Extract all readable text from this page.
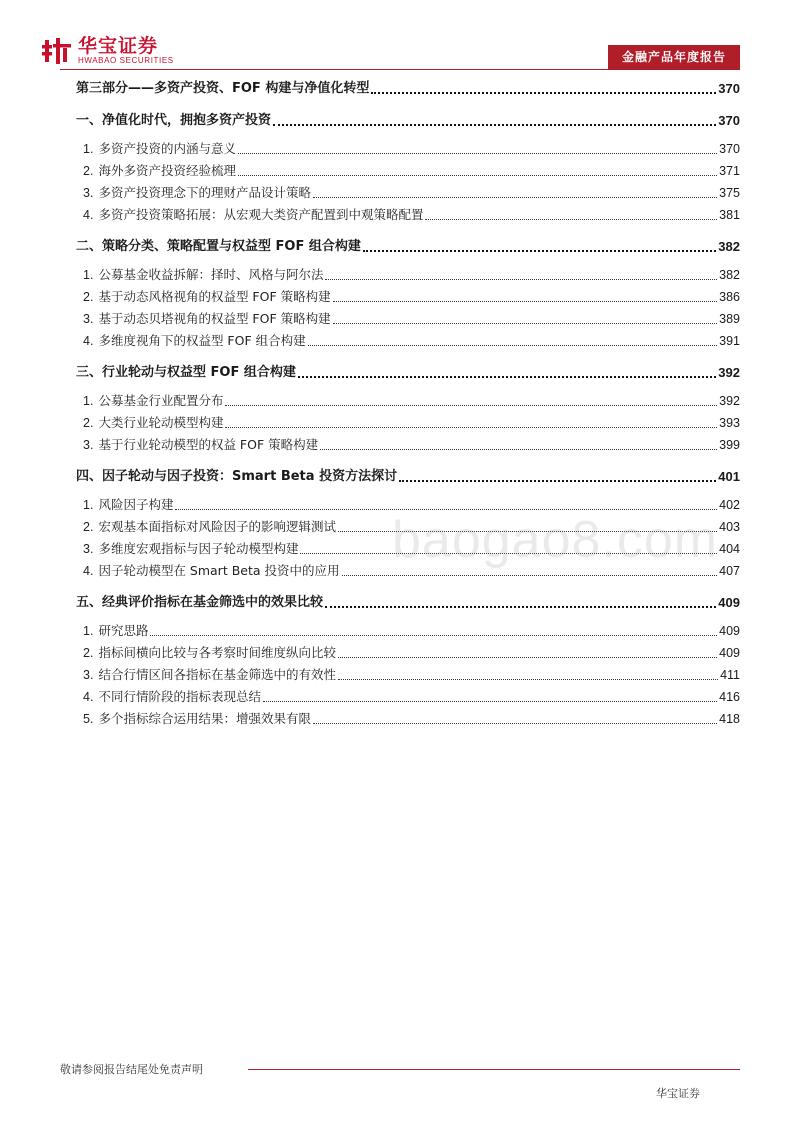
华宝证券
HWABAO SECURITIES	金融产品年度报告
第三部分——多资产投资、FOF 构建与净值化转型	370
一、净值化时代，拥抱多资产投资	370
1. 多资产投资的内涵与意义	370
2. 海外多资产投资经验梳理	371
3. 多资产投资理念下的理财产品设计策略	375
4. 多资产投资策略拓展：从宏观大类资产配置到中观策略配置	381
二、策略分类、策略配置与权益型 FOF 组合构建	382
1. 公募基金收益拆解：择时、风格与阿尔法	382
2. 基于动态风格视角的权益型 FOF 策略构建	386
3. 基于动态贝塔视角的权益型 FOF 策略构建	389
4. 多维度视角下的权益型 FOF 组合构建	391
三、行业轮动与权益型 FOF 组合构建	392
1. 公募基金行业配置分布	392
2. 大类行业轮动模型构建	393
3. 基于行业轮动模型的权益 FOF 策略构建	399
四、因子轮动与因子投资：Smart Beta 投资方法探讨	401
1. 风险因子构建	402
2. 宏观基本面指标对风险因子的影响逻辑测试	403
3. 多维度宏观指标与因子轮动模型构建	404
4. 因子轮动模型在 Smart Beta 投资中的应用	407
五、经典评价指标在基金筛选中的效果比较	409
1. 研究思路	409
2. 指标间横向比较与各考察时间维度纵向比较	409
3. 结合行情区间各指标在基金筛选中的有效性	411
4. 不同行情阶段的指标表现总结	416
5. 多个指标综合运用结果：增强效果有限	418
baogao8.com
敬请参阅报告结尾处免责声明
华宝证券
